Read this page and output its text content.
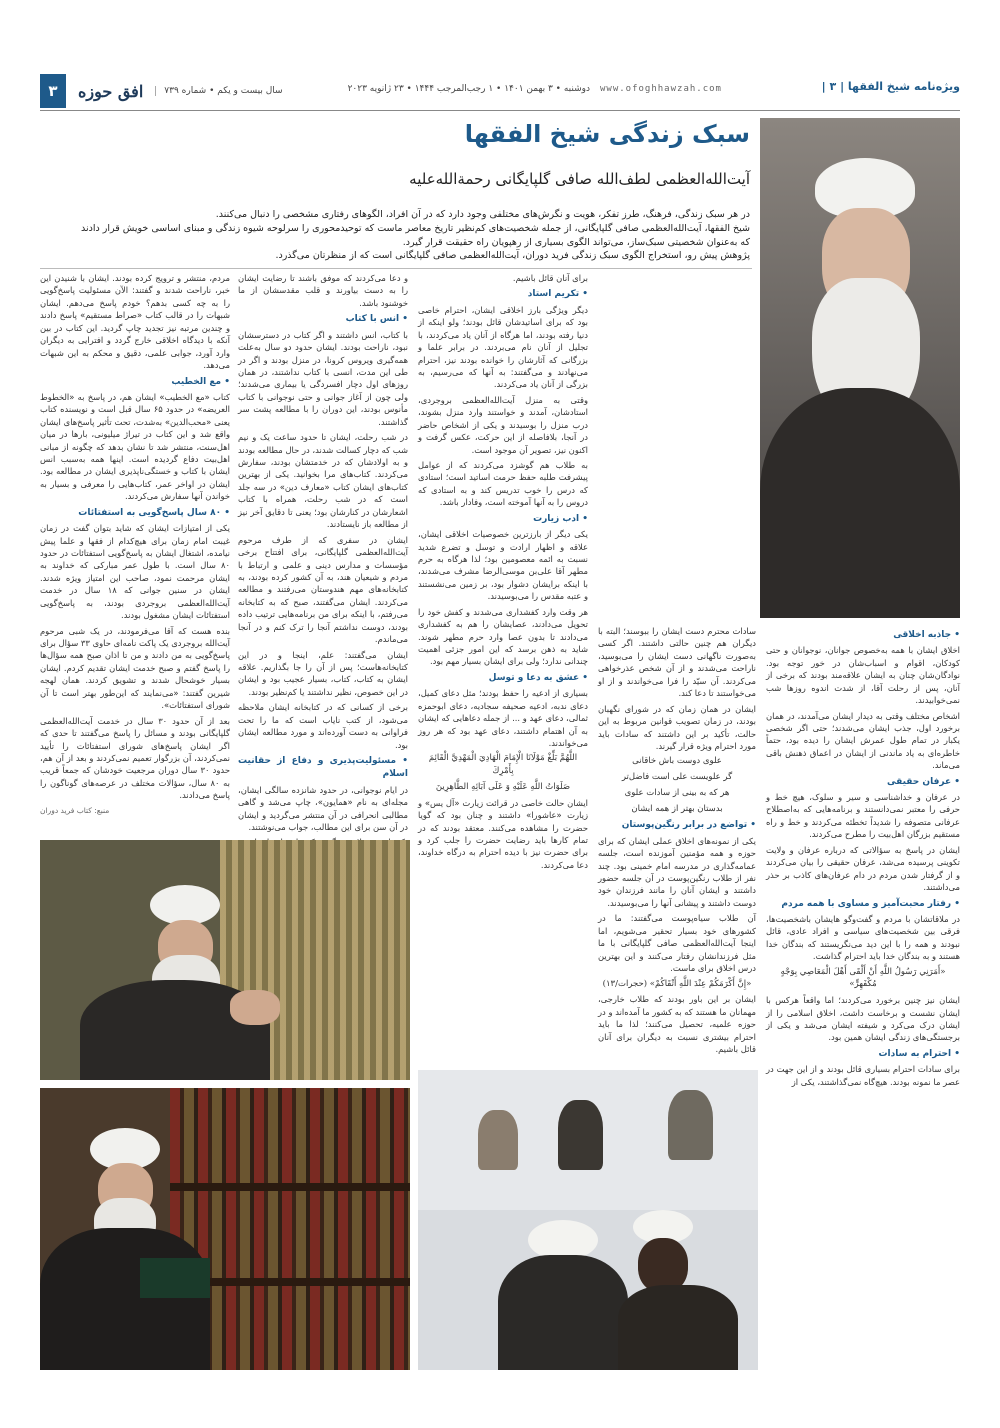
٣	افق حوزه	سال بیست و یکم • شماره ۷۳۹	دوشنبه • ۳ بهمن ۱۴۰۱ • ۱ رجب‌المرجب ۱۴۴۴ • ۲۳ ژانویه ۲۰۲۳ www.ofoghhawzah.com	ویژه‌نامه شیخ الفقها | ٣ |
سبک زندگی شیخ الفقها
آیت‌الله‌العظمی لطف‌الله صافی گلپایگانی رحمة‌الله‌علیه
در هر سبک زندگی، فرهنگ، طرز تفکر، هویت و نگرش‌های مختلفی وجود دارد که در آن افراد، الگوهای رفتاری مشخصی را دنبال می‌کنند.
شیخ الفقها، آیت‌الله‌العظمی صافی گلپایگانی، از جمله شخصیت‌های کم‌نظیر تاریخ معاصر ماست که توحیدمحوری را سرلوحه شیوه زندگی و مبنای اساسی خویش قرار دادند که به‌عنوان شخصیتی سبک‌ساز، می‌تواند الگوی بسیاری از رهپویان راه حقیقت قرار گیرد.
پژوهش پیش رو، استخراج الگوی سبک زندگی فرید دوران، آیت‌الله‌العظمی صافی گلپایگانی است که از منظرتان می‌گذرد.

مردم، منتشر و ترویج کرده بودند. ایشان با شنیدن این خبر، ناراحت شدند و گفتند: الآن مسئولیت پاسخ‌گویی را به چه کسی بدهم؟ خودم پاسخ می‌دهم. ایشان شبهات را در قالب کتاب «صراط مستقیم» پاسخ دادند و چندین مرتبه نیز تجدید چاپ گردید. این کتاب در بین آنکه با دیدگاه اخلاقی خارج گردد و افترایی به دیگران وارد آورد، جوابی علمی، دقیق و محکم به این شبهات می‌دهد.

• مع الخطیب

کتاب «مع الخطیب» ایشان هم، در پاسخ به «الخطوط العریضه» در حدود ۶۵ سال قبل است و نویسنده کتاب یعنی «محب‌الدین» به‌شدت، تحت تأثیر پاسخ‌های ایشان واقع شد و این کتاب در تیراژ میلیونی، بارها در میان اهل‌سنت، منتشر شد تا نشان بدهد که چگونه از مبانی اهل‌بیت دفاع گردیده است. اینها همه به‌سبب انس ایشان با کتاب و خستگی‌ناپذیری ایشان در مطالعه بود. ایشان در اواخر عمر، کتاب‌هایی را معرفی و بسیار به خواندن آنها سفارش می‌کردند.

• ۸۰ سال پاسخ‌گویی به استفتائات

یکی از امتیازات ایشان که شاید بتوان گفت در زمان غیبت امام زمان برای هیچ‌کدام از فقها و علما پیش نیامده، اشتغال ایشان به پاسخ‌گویی استفتائات در حدود ۸۰ سال است. با طول عمر مبارکی که خداوند به ایشان مرحمت نمود، صاحب این امتیاز ویژه شدند. ایشان در سنین جوانی که ۱۸ سال در خدمت آیت‌الله‌العظمی بروجردی بودند، به پاسخ‌گویی استفتائات ایشان مشغول بودند.

بنده هست که آقا می‌فرمودند، در یک شبی مرحوم آیت‌الله بروجردی یک پاکت نامه‌ای حاوی ۳۳ سؤال برای پاسخ‌گویی به من دادند و من تا اذان صبح همه سؤال‌ها را پاسخ گفتم و صبح خدمت ایشان تقدیم کردم. ایشان بسیار خوشحال شدند و تشویق کردند. همان لهجه شیرین گفتند: «می‌نمایند که این‌طور بهتر است تا آن شورای استفتائات».

بعد از آن حدود ۳۰ سال در خدمت آیت‌الله‌العظمی گلپایگانی بودند و مسائل را پاسخ می‌گفتند تا حدی که اگر ایشان پاسخ‌های شورای استفتائات را تأیید نمی‌کردند، آن بزرگوار تعمیم نمی‌کردند و بعد از آن هم، حدود ۳۰ سال دوران مرجعیت خودشان که جمعاً قریب به ۸۰ سال، سؤالات مختلف در عرصه‌های گوناگون را پاسخ می‌دادند.

منبع: کتاب فرید دوران

و دعا می‌کردند که موفق باشند تا رضایت ایشان را به دست بیاورند و قلب مقدسشان از ما خوشنود باشد.

• انس با کتاب

با کتاب، انس داشتند و اگر کتاب در دسترسشان نبود، ناراحت بودند. ایشان حدود دو سال به‌علت همه‌گیری ویروس کرونا، در منزل بودند و اگر در طی این مدت، انسی با کتاب نداشتند، در همان روزهای اول دچار افسردگی یا بیماری می‌شدند؛ ولی چون از آغاز جوانی و حتی نوجوانی با کتاب مأنوس بودند، این دوران را با مطالعه پشت سر گذاشتند.

در شب رحلت، ایشان تا حدود ساعت یک و نیم شب که دچار کسالت شدند، در حال مطالعه بودند و به اولادشان که در خدمتشان بودند، سفارش می‌کردند. کتاب‌های مرا بخوانید. یکی از بهترین کتاب‌های ایشان کتاب «معارف دین» در سه جلد است که در شب رحلت، همراه با کتاب اشعارشان در کنارشان بود؛ یعنی تا دقایق آخر نیز از مطالعه باز نایستادند.

ایشان در سفری که از طرف مرحوم آیت‌الله‌العظمی گلپایگانی، برای افتتاح برخی مؤسسات و مدارس دینی و علمی و ارتباط با مردم و شیعیان هند، به آن کشور کرده بودند، به کتابخانه‌های مهم هندوستان می‌رفتند و مطالعه می‌کردند. ایشان می‌گفتند، صبح که به کتابخانه می‌رفتم، با اینکه برای من برنامه‌هایی ترتیب داده بودند، دوست نداشتم آنجا را ترک کنم و در آنجا می‌ماندم.

ایشان می‌گفتند: علم، اینجا و در این کتابخانه‌هاست؛ پس از آن را جا بگذاریم. علاقه ایشان به کتاب، کتاب، بسیار عجیب بود و ایشان در این خصوص، نظیر نداشتند یا کم‌نظیر بودند.

برخی از کسانی که در کتابخانه ایشان ملاحظه می‌شود، از کتب نایاب است که ما را تحت فراوانی به دست آورده‌اند و مورد مطالعه ایشان بود.

• مسئولیت‌پذیری و دفاع از حقانیت اسلام

در ایام نوجوانی، در حدود شانزده سالگی ایشان، مجله‌ای به نام «همایون»، چاپ می‌شد و گاهی مطالبی انحرافی در آن منتشر می‌گردید و ایشان در آن سن برای این مطالب، جواب می‌نوشتند.

برای آنان قائل باشیم.

• تکریم استاد

دیگر ویژگی بارز اخلاقی ایشان، احترام خاصی بود که برای اساتیدشان قائل بودند؛ ولو اینکه از دنیا رفته بودند، اما هرگاه از آنان یاد می‌کردند، با تجلیل از آنان نام می‌بردند. در برابر علما و بزرگانی که آثارشان را خوانده بودند نیز، احترام می‌نهادند و می‌گفتند: به آنها که می‌رسیم، به بزرگی از آنان یاد می‌کردند.

وقتی به منزل آیت‌الله‌العظمی بروجردی، استادشان، آمدند و خواستند وارد منزل بشوند، درب منزل را بوسیدند و یکی از اشخاص حاضر در آنجا، بلافاصله از این حرکت، عکس گرفت و اکنون نیز، تصویر آن موجود است.

به طلاب هم گوشزد می‌کردند که از عوامل پیشرفت طلبه حفظ حرمت اساتید است؛ استادی که درس را خوب تدریس کند و به استادی که دروس را به آنها آموخته است، وفادار باشد.

• ادب زیارت

یکی دیگر از بارزترین خصوصیات اخلاقی ایشان، علاقه و اظهار ارادت و توسل و تضرع شدید نسبت به ائمه معصومین بود؛ لذا هرگاه به حرم مطهر آقا علی‌بن موسی‌الرضا مشرف می‌شدند، با اینکه برایشان دشوار بود، بر زمین می‌نشستند و عتبه مقدس را می‌بوسیدند.

هر وقت وارد کفشداری می‌شدند و کفش خود را تحویل می‌دادند، عصایشان را هم به کفشداری می‌دادند تا بدون عصا وارد حرم مطهر شوند. شاید به ذهن برسد که این امور جزئی اهمیت چندانی ندارد؛ ولی برای ایشان بسیار مهم بود.

• عشق به دعا و توسل

بسیاری از ادعیه را حفظ بودند؛ مثل دعای کمیل، دعای ندبه، ادعیه صحیفه سجادیه، دعای ابوحمزه ثمالی، دعای عهد و ... از جمله دعاهایی که ایشان به آن اهتمام داشتند، دعای عهد بود که هر روز می‌خواندند.

اللَّهُمَّ بَلِّغْ مَوْلَانَا الْإِمَامَ الْهَادِيَ الْمَهْدِيَّ الْقَائِمَ بِأَمْرِكَ
صَلَوَاتُ اللَّهِ عَلَيْهِ وَ عَلَى آبَائِهِ الطَّاهِرِينَ

ایشان حالت خاصی در قرائت زیارت «آل یس» و زیارت «عاشورا» داشتند و چنان بود که گویا حضرت را مشاهده می‌کنند. معتقد بودند که در تمام کارها باید رضایت حضرت را جلب کرد و برای حضرت نیز با دیده احترام به درگاه خداوند، دعا می‌کردند.

سادات محترم دست ایشان را ببوسند؛ البته با دیگران هم چنین حالتی داشتند. اگر کسی به‌صورت ناگهانی دست ایشان را می‌بوسید، ناراحت می‌شدند و از آن شخص عذرخواهی می‌کردند. آن سیّد را فرا می‌خواندند و از او می‌خواستند تا دعا کند.

ایشان در همان زمان که در شورای نگهبان بودند، در زمان تصویب قوانین مربوط به این حالت، تأکید بر این داشتند که سادات باید مورد احترام ویژه قرار گیرند.

علوی دوست باش خاقانی
گر علویست علی است فاضل‌تر
هر که به بینی از سادات علوی
بدستان بهتر از همه ایشان
• تواضع در برابر رنگین‌پوستان

یکی از نمونه‌های اخلاق عملی ایشان که برای حوزه و همه مؤمنین آموزنده است، جلسه عمامه‌گذاری در مدرسه امام خمینی بود. چند نفر از طلاب رنگین‌پوست در آن جلسه حضور داشتند و ایشان آنان را مانند فرزندان خود دوست داشتند و پیشانی آنها را می‌بوسیدند.

آن طلاب سیاه‌پوست می‌گفتند: ما در کشورهای خود بسیار تحقیر می‌شویم، اما اینجا آیت‌الله‌العظمی صافی گلپایگانی با ما مثل فرزندانشان رفتار می‌کنند و این بهترین درس اخلاق برای ماست.

«إِنَّ أَكْرَمَكُمْ عِنْدَ اللَّهِ أَتْقَاكُمْ» (حجرات/۱۳)

ایشان بر این باور بودند که طلاب خارجی، مهمانان ما هستند که به کشور ما آمده‌اند و در حوزه علمیه، تحصیل می‌کنند؛ لذا ما باید احترام بیشتری نسبت به دیگران برای آنان قائل باشیم.

• جاذبه اخلاقی

اخلاق ایشان با همه به‌خصوص جوانان، نوجوانان و حتی کودکان، اقوام و اسباب‌شان در خور توجه بود. نوادگان‌شان چنان به ایشان علاقه‌مند بودند که برخی از آنان، پس از رحلت آقا، از شدت اندوه روزها شب نمی‌خوابیدند.

اشخاص مختلف وقتی به دیدار ایشان می‌آمدند، در همان برخورد اول، جذب ایشان می‌شدند؛ حتی اگر شخصی یکبار در تمام طول عمرش ایشان را دیده بود، حتماً خاطره‌ای به یاد ماندنی از ایشان در اعماق ذهنش باقی می‌ماند.

• عرفان حقیقی

در عرفان و خداشناسی و سیر و سلوک، هیچ خط و حرفی را معتبر نمی‌دانستند و برنامه‌هایی که به‌اصطلاح عرفانی متصوفه را شدیداً تخطئه می‌کردند و خط و راه مستقیم بزرگان اهل‌بیت را مطرح می‌کردند.

ایشان در پاسخ به سؤالاتی که درباره عرفان و ولایت تکوینی پرسیده می‌شد، عرفان حقیقی را بیان می‌کردند و از گرفتار شدن مردم در دام عرفان‌های کاذب بر حذر می‌داشتند.

• رفتار محبت‌آمیز و مساوی با همه مردم

در ملاقاتشان با مردم و گفت‌وگو هایشان باشخصیت‌ها، فرقی بین شخصیت‌های سیاسی و افراد عادی، قائل نبودند و همه را با این دید می‌نگریستند که بندگان خدا هستند و به بندگان خدا باید احترام گذاشت.

«أَمَرَنِي رَسُولُ اللَّهِ أَنْ أَلْقَى أَهْلَ الْمَعَاصِي بِوَجْهٍ مُكْفَهِرٍّ»

ایشان نیز چنین برخورد می‌کردند؛ اما واقعاً هرکس با ایشان نشست و برخاست داشت، اخلاق اسلامی را از ایشان درک می‌کرد و شیفته ایشان می‌شد و یکی از برجستگی‌های زندگی ایشان همین بود.

• احترام به سادات

برای سادات احترام بسیاری قائل بودند و از این جهت در عصر ما نمونه بودند. هیچ‌گاه نمی‌گذاشتند، یکی از
